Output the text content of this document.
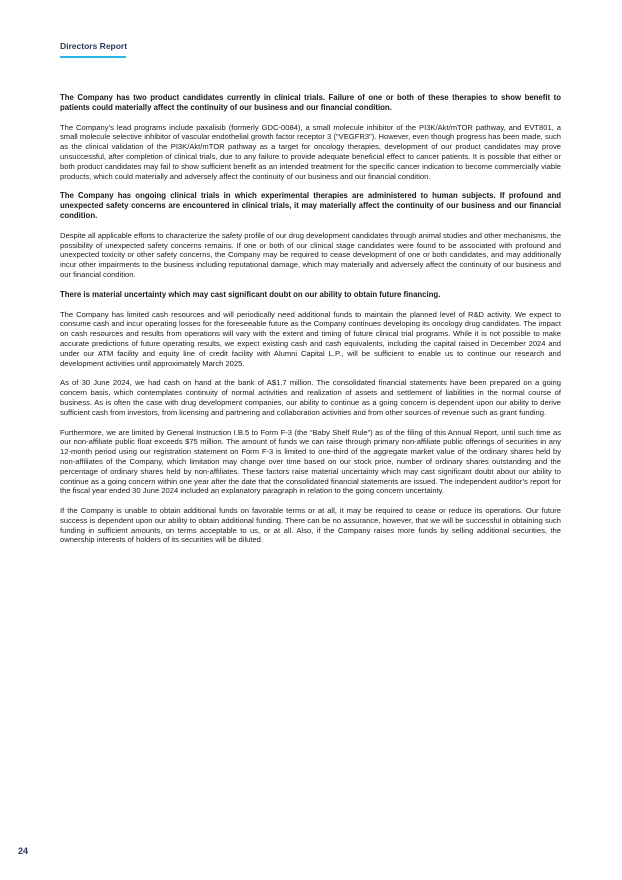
Directors Report

The Company has two product candidates currently in clinical trials. Failure of one or both of these therapies to show benefit to patients could materially affect the continuity of our business and our financial condition.

The Company’s lead programs include paxalisib (formerly GDC-0084), a small molecule inhibitor of the PI3K/Akt/mTOR pathway, and EVT801, a small molecule selective inhibitor of vascular endothelial growth factor receptor 3 ("VEGFR3"). However, even though progress has been made, such as the clinical validation of the PI3K/Akt/mTOR pathway as a target for oncology therapies, development of our product candidates may prove unsuccessful, after completion of clinical trials, due to any failure to provide adequate beneficial effect to cancer patients. It is possible that either or both product candidates may fail to show sufficient benefit as an intended treatment for the specific cancer indication to become commercially viable products, which could materially and adversely affect the continuity of our business and our financial condition.

The Company has ongoing clinical trials in which experimental therapies are administered to human subjects. If profound and unexpected safety concerns are encountered in clinical trials, it may materially affect the continuity of our business and our financial condition.

Despite all applicable efforts to characterize the safety profile of our drug development candidates through animal studies and other mechanisms, the possibility of unexpected safety concerns remains. If one or both of our clinical stage candidates were found to be associated with profound and unexpected toxicity or other safety concerns, the Company may be required to cease development of one or both candidates, and may additionally incur other impairments to the business including reputational damage, which may materially and adversely affect the continuity of our business and our financial condition.

There is material uncertainty which may cast significant doubt on our ability to obtain future financing.

The Company has limited cash resources and will periodically need additional funds to maintain the planned level of R&D activity. We expect to consume cash and incur operating losses for the foreseeable future as the Company continues developing its oncology drug candidates. The impact on cash resources and results from operations will vary with the extent and timing of future clinical trial programs. While it is not possible to make accurate predictions of future operating results, we expect existing cash and cash equivalents, including the capital raised in December 2024 and under our ATM facility and equity line of credit facility with Alumni Capital L.P., will be sufficient to enable us to continue our research and development activities until approximately March 2025.

As of 30 June 2024, we had cash on hand at the bank of A$1.7 million. The consolidated financial statements have been prepared on a going concern basis, which contemplates continuity of normal activities and realization of assets and settlement of liabilities in the normal course of business. As is often the case with drug development companies, our ability to continue as a going concern is dependent upon our ability to derive sufficient cash from investors, from licensing and partnering and collaboration activities and from other sources of revenue such as grant funding.

Furthermore, we are limited by General Instruction I.B.5 to Form F-3 (the “Baby Shelf Rule”) as of the filing of this Annual Report, until such time as our non-affiliate public float exceeds $75 million. The amount of funds we can raise through primary non-affiliate public offerings of securities in any 12-month period using our registration statement on Form F-3 is limited to one-third of the aggregate market value of the ordinary shares held by non-affiliates of the Company, which limitation may change over time based on our stock price, number of ordinary shares outstanding and the percentage of ordinary shares held by non-affiliates. These factors raise material uncertainty which may cast significant doubt about our ability to continue as a going concern within one year after the date that the consolidated financial statements are issued. The independent auditor’s report for the fiscal year ended 30 June 2024 included an explanatory paragraph in relation to the going concern uncertainty.

If the Company is unable to obtain additional funds on favorable terms or at all, it may be required to cease or reduce its operations. Our future success is dependent upon our ability to obtain additional funding. There can be no assurance, however, that we will be successful in obtaining such funding in sufficient amounts, on terms acceptable to us, or at all. Also, if the Company raises more funds by selling additional securities, the ownership interests of holders of its securities will be diluted.

24
